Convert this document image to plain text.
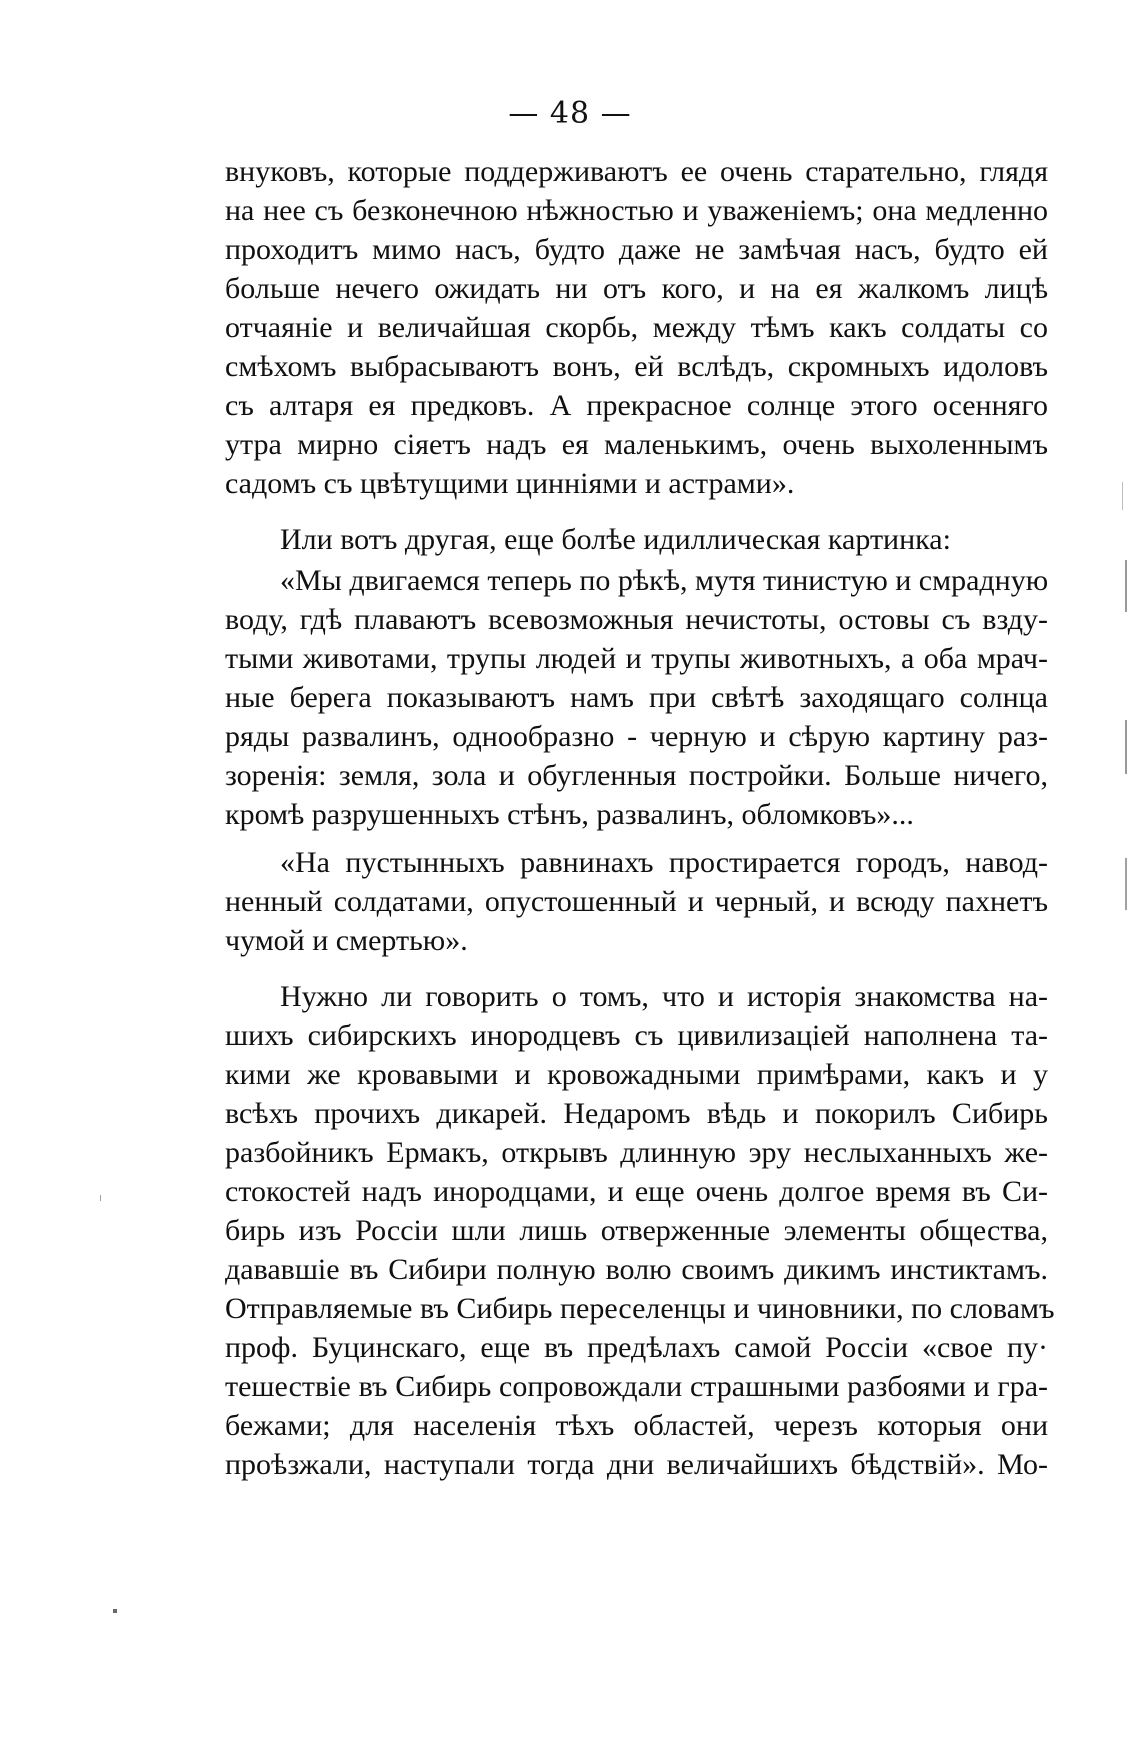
— 48 —
внуковъ, которые поддерживаютъ ее очень старательно, глядя
на нее съ безконечною нѣжностью и уваженіемъ; она медленно
проходитъ мимо насъ, будто даже не замѣчая насъ, будто ей
больше нечего ожидать ни отъ кого, и на ея жалкомъ лицѣ
отчаяніе и величайшая скорбь, между тѣмъ какъ солдаты со
смѣхомъ выбрасываютъ вонъ, ей вслѣдъ, скромныхъ идоловъ
съ алтаря ея предковъ. А прекрасное солнце этого осенняго
утра мирно сіяетъ надъ ея маленькимъ, очень выхоленнымъ
садомъ съ цвѣтущими цинніями и астрами».
Или вотъ другая, еще болѣе идиллическая картинка:
«Мы двигаемся теперь по рѣкѣ, мутя тинистую и смрадную
воду, гдѣ плаваютъ всевозможныя нечистоты, остовы съ взду-
тыми животами, трупы людей и трупы животныхъ, а оба мрач-
ные берега показываютъ намъ при свѣтѣ заходящаго солнца
ряды развалинъ, однообразно - черную и сѣрую картину раз-
зоренія: земля, зола и обугленныя постройки. Больше ничего,
кромѣ разрушенныхъ стѣнъ, развалинъ, обломковъ»...
«На пустынныхъ равнинахъ простирается городъ, навод-
ненный солдатами, опустошенный и черный, и всюду пахнетъ
чумой и смертью».
Нужно ли говорить о томъ, что и исторія знакомства на-
шихъ сибирскихъ инородцевъ съ цивилизаціей наполнена та-
кими же кровавыми и кровожадными примѣрами, какъ и у
всѣхъ прочихъ дикарей. Недаромъ вѣдь и покорилъ Сибирь
разбойникъ Ермакъ, открывъ длинную эру неслыханныхъ же-
стокостей надъ инородцами, и еще очень долгое время въ Си-
бирь изъ Россіи шли лишь отверженные элементы общества,
дававшіе въ Сибири полную волю своимъ дикимъ инстиктамъ.
Отправляемые въ Сибирь переселенцы и чиновники, по словамъ
проф. Буцинскаго, еще въ предѣлахъ самой Россіи «свое пу·
тешествіе въ Сибирь сопровождали страшными разбоями и гра-
бежами; для населенія тѣхъ областей, черезъ которыя они
проѣзжали, наступали тогда дни величайшихъ бѣдствій». Мо-
